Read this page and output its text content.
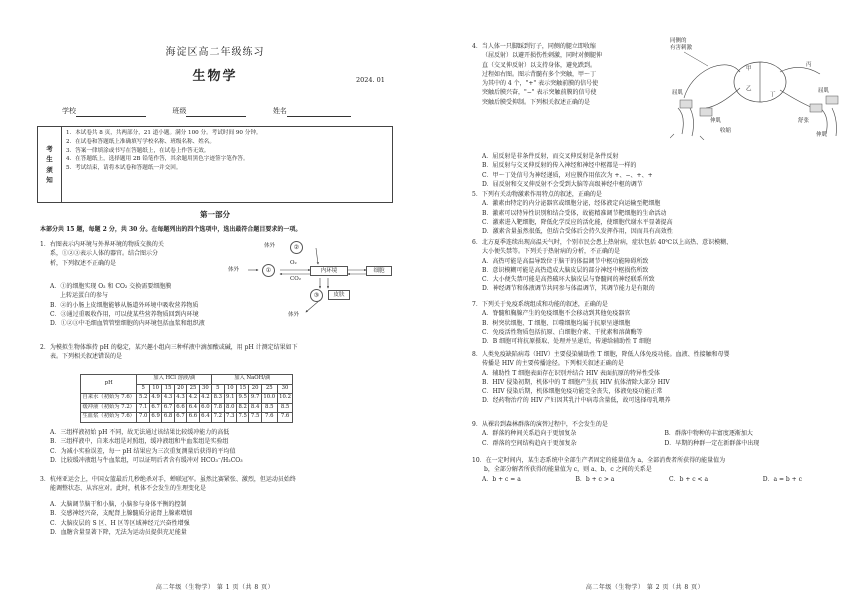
海淀区高二年级练习
生物学	2024. 01
学校	班级	姓名
考
生
须
知
1．本试卷共 8 页，共两部分，21 道小题。满分 100 分。考试时间 90 分钟。
2．在试卷和答题纸上准确填写学校名称、班级名称、姓名。
3．答案一律填涂或书写在答题纸上，在试卷上作答无效。
4．在答题纸上，选择题用 2B 铅笔作答，其余题用黑色字迹签字笔作答。
5．考试结束，请将本试卷和答题纸一并交回。
第一部分
本部分共 15 题，每题 2 分，共 30 分。在每题列出的四个选项中，选出最符合题目要求的一项。
1．右图表示内环境与外界环境的物质交换的关
系，①②③表示人体的器官。结合图示分
析，下列叙述不正确的是
A．①的细胞实现 O₂ 和 CO₂ 交换需要细胞膜
上转运蛋白的参与
B．②的小肠上皮细胞能够从肠道外环境中吸收营养物质
C．③通过重吸收作用，可以使某些营养物质回到内环境
D．①②③中毛细血管管壁细胞的内环境包括血浆和组织液
体外	②
体外	①
O₂
CO₂
内环境	细胞
③	皮肤
体外
2．为模拟生物体维持 pH 的稳定，某兴趣小组向三种样液中滴加酸或碱，用 pH 计测定结果如下
表。下列相关叙述错误的是
pH	加入 HCl 溶液/滴						加入 NaOH/滴					
	5	10	15	20	25	30	5	10	15	20	25	30
自来水（初始为 7.6）	5.2	4.9	4.3	4.3	4.2	4.2	8.3	9.1	9.5	9.7	10.0	10.2
缓冲液（初始为 7.2）	7.1	6.7	6.7	6.6	6.4	6.0	7.8	8.0	8.2	8.4	8.5	8.5
生血浆（初始为 7.6）	7.0	6.9	6.8	6.7	6.6	6.4	7.2	7.3	7.5	7.5	7.6	7.6
A．三组样液初始 pH 不同，故无法通过该结果比较缓冲能力的高低
B．三组样液中，自来水组是对照组，缓冲液组和牛血浆组是实验组
C．为减小实验误差，每一 pH 结果应为三次重复测量后获得的平均值
D．比较缓冲液组与牛血浆组，可以证明后者含有缓冲对 HCO₃⁻/H₂CO₃
3．杭州亚运会上，中国女篮最后几秒绝杀对手，蝉联冠军。虽然比赛紧张、激烈，但运动员始终
能调整状态、从容应对。此时，机体不会发生的生理变化是
A．大脑调节脑干和小脑，小脑参与身体平衡的控制
B．交感神经兴奋，支配肾上腺髓质分泌肾上腺素增加
C．大脑皮层的 S 区、H 区等区域神经元兴奋性增强
D．血糖含量显著下降，无法为运动员提供充足能量
高二年级（生物学） 第 1 页（共 8 页）
4．当人体一只脚踩到钉子，同侧的腿立即收缩
（屈反射）以避开损伤性刺激，同时对侧腿伸
直（交叉伸反射）以支持身体，避免跌到。
过程如右图。图示背髓有多个突触，甲～丁
为其中的 4 个，"+" 表示突触前膜的信号使
突触后膜兴奋，"−" 表示突触前膜的信号使
突触后膜受抑制。下列相关叙述正确的是
同侧的
有害刺激
甲
乙
丙
丁
屈肌
伸肌
收缩
屈肌
舒张
伸肌
A．屈反射是非条件反射，而交叉伸反射是条件反射
B．屈反射与交叉伸反射的传入神经和神经中枢都是一样的
C．甲～丁处信号为神经递质，对应膜作用依次为 +、−、+、+
D．屈反射和交叉伸反射不会受到大脑等高级神经中枢的调节
5．下列有关动物激素作用特点的叙述，正确的是
A．激素由特定的内分泌器官或细胞分泌，经体液定向运输至靶细胞
B．激素可以特异性识别和结合受体，故能精准调节靶细胞的生命活动
C．激素进入靶细胞，降低化学反应的活化能，使细胞代谢水平显著提高
D．激素含量虽然很低，但结合受体后会持久发挥作用，因而具有高效性
6．北方夏季连续出现高温天气时，个别市民会患上热射病，症状包括 40℃以上高热、意识模糊、
大小便失禁等。下列关于热射病的分析，不正确的是
A．高热可能是高温导致位于脑干的体温调节中枢功能障碍所致
B．意识模糊可能是高热造成大脑皮层的部分神经中枢损伤所致
C．大小便失禁可能是高热破坏大脑皮层与脊髓间的神经联系所致
D．神经调节和体液调节共同参与体温调节，其调节能力是有限的
7．下列关于免疫系统组成和功能的叙述，正确的是
A．脊髓和胸腺产生的免疫细胞不会移动到其他免疫器官
B．树突状细胞、T 细胞、巨噬细胞均属于抗原呈递细胞
C．免疫活性物质包括抗原、白细胞介素、干扰素和溶菌酶等
D．B 细胞可将抗原摄取、处理并呈递后，传递给辅助性 T 细胞
8．人类免疫缺陷病毒（HIV）主要侵染辅助性 T 细胞，降低人体免疫功能。血液、性接触和母婴
传播是 HIV 的主要传播途径。下列相关叙述正确的是
A．辅助性 T 细胞表面存在识别并结合 HIV 表面抗原的特异性受体
B．HIV 侵染初期，机体中的 T 细胞产生抗 HIV 抗体清除大部分 HIV
C．HIV 侵染后期，机体细胞免疫功能完全丧失，体液免疫功能正常
D．经药物治疗的 HIV 产妇因其乳汁中病毒含量低，故可选择母乳喂养
9．从裸岩到森林群落的演替过程中，不会发生的是
A．群落的种间关系趋向于更加复杂	B．群落中物种的丰富度逐渐加大
C．群落的空间结构趋向于更加复杂	D．早期的种群一定在新群落中出现
10．在一定时间内，某生态系统中全部生产者固定的能量值为 a，全部消费者所获得的能量值为
b，全部分解者所获得的能量值为 c，则 a、b、c 之间的关系是
A．b + c = a	B．b + c > a	C．b + c < a	D．a = b + c
高二年级（生物学） 第 2 页（共 8 页）
